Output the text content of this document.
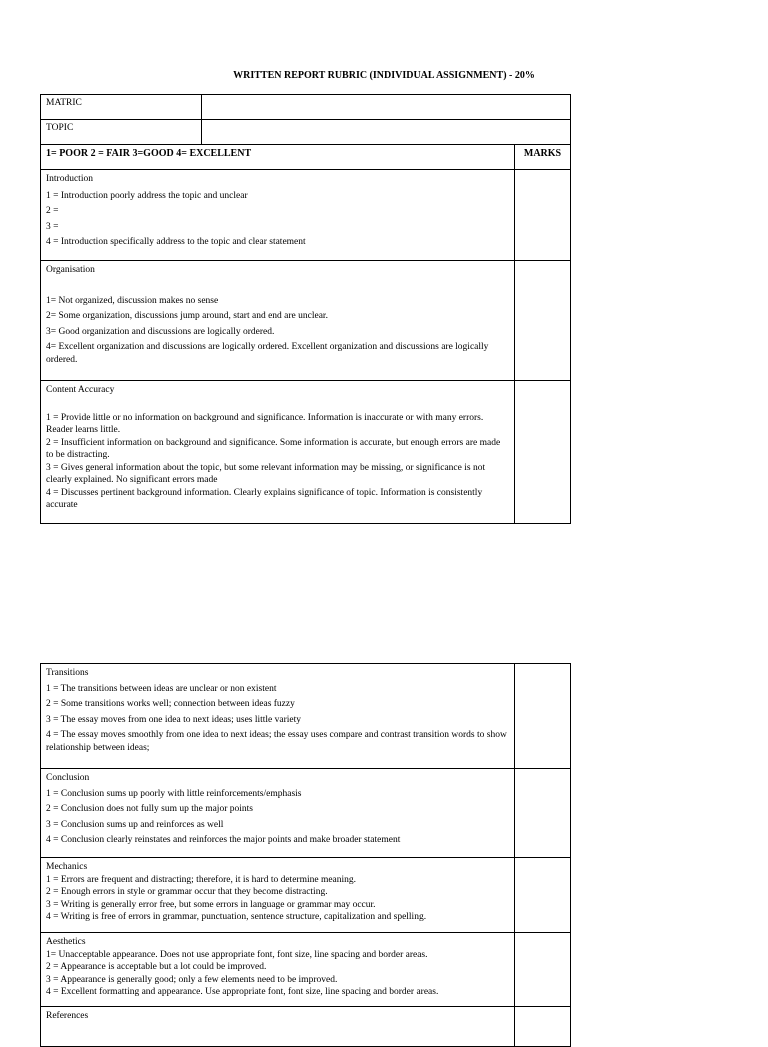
WRITTEN REPORT RUBRIC (INDIVIDUAL ASSIGNMENT) - 20%
MATRIC		
TOPIC		
1= POOR 2 = FAIR 3=GOOD 4= EXCELLENT		MARKS

Introduction
1 = Introduction poorly address the topic and unclear
2 =
3 =
4 = Introduction specifically address to the topic and clear statement		

Organisation
1= Not organized, discussion makes no sense
2= Some organization, discussions jump around, start and end are unclear.
3= Good organization and discussions are logically ordered.
4= Excellent organization and discussions are logically ordered. Excellent organization and discussions are logically ordered.		

Content Accuracy
1 = Provide little or no information on background and significance. Information is inaccurate or with many errors. Reader learns little.
2 = Insufficient information on background and significance. Some information is accurate, but enough errors are made to be distracting.
3 = Gives general information about the topic, but some relevant information may be missing, or significance is not clearly explained. No significant errors made
4 = Discusses pertinent background information. Clearly explains significance of topic. Information is consistently accurate		

Transitions
1 = The transitions between ideas are unclear or non existent
2 = Some transitions works well; connection between ideas fuzzy
3 = The essay moves from one idea to next ideas; uses little variety
4 = The essay moves smoothly from one idea to next ideas; the essay uses compare and contrast transition words to show relationship between ideas;	

Conclusion
1 = Conclusion sums up poorly with little reinforcements/emphasis
2 = Conclusion does not fully sum up the major points
3 = Conclusion sums up and reinforces as well
4 = Conclusion clearly reinstates and reinforces the major points and make broader statement	

Mechanics
1 = Errors are frequent and distracting; therefore, it is hard to determine meaning.
2 = Enough errors in style or grammar occur that they become distracting.
3 = Writing is generally error free, but some errors in language or grammar may occur.
4 = Writing is free of errors in grammar, punctuation, sentence structure, capitalization and spelling.	

Aesthetics
1= Unacceptable appearance. Does not use appropriate font, font size, line spacing and border areas.
2 = Appearance is acceptable but a lot could be improved.
3 = Appearance is generally good; only a few elements need to be improved.
4 = Excellent formatting and appearance. Use appropriate font, font size, line spacing and border areas.	

References	
